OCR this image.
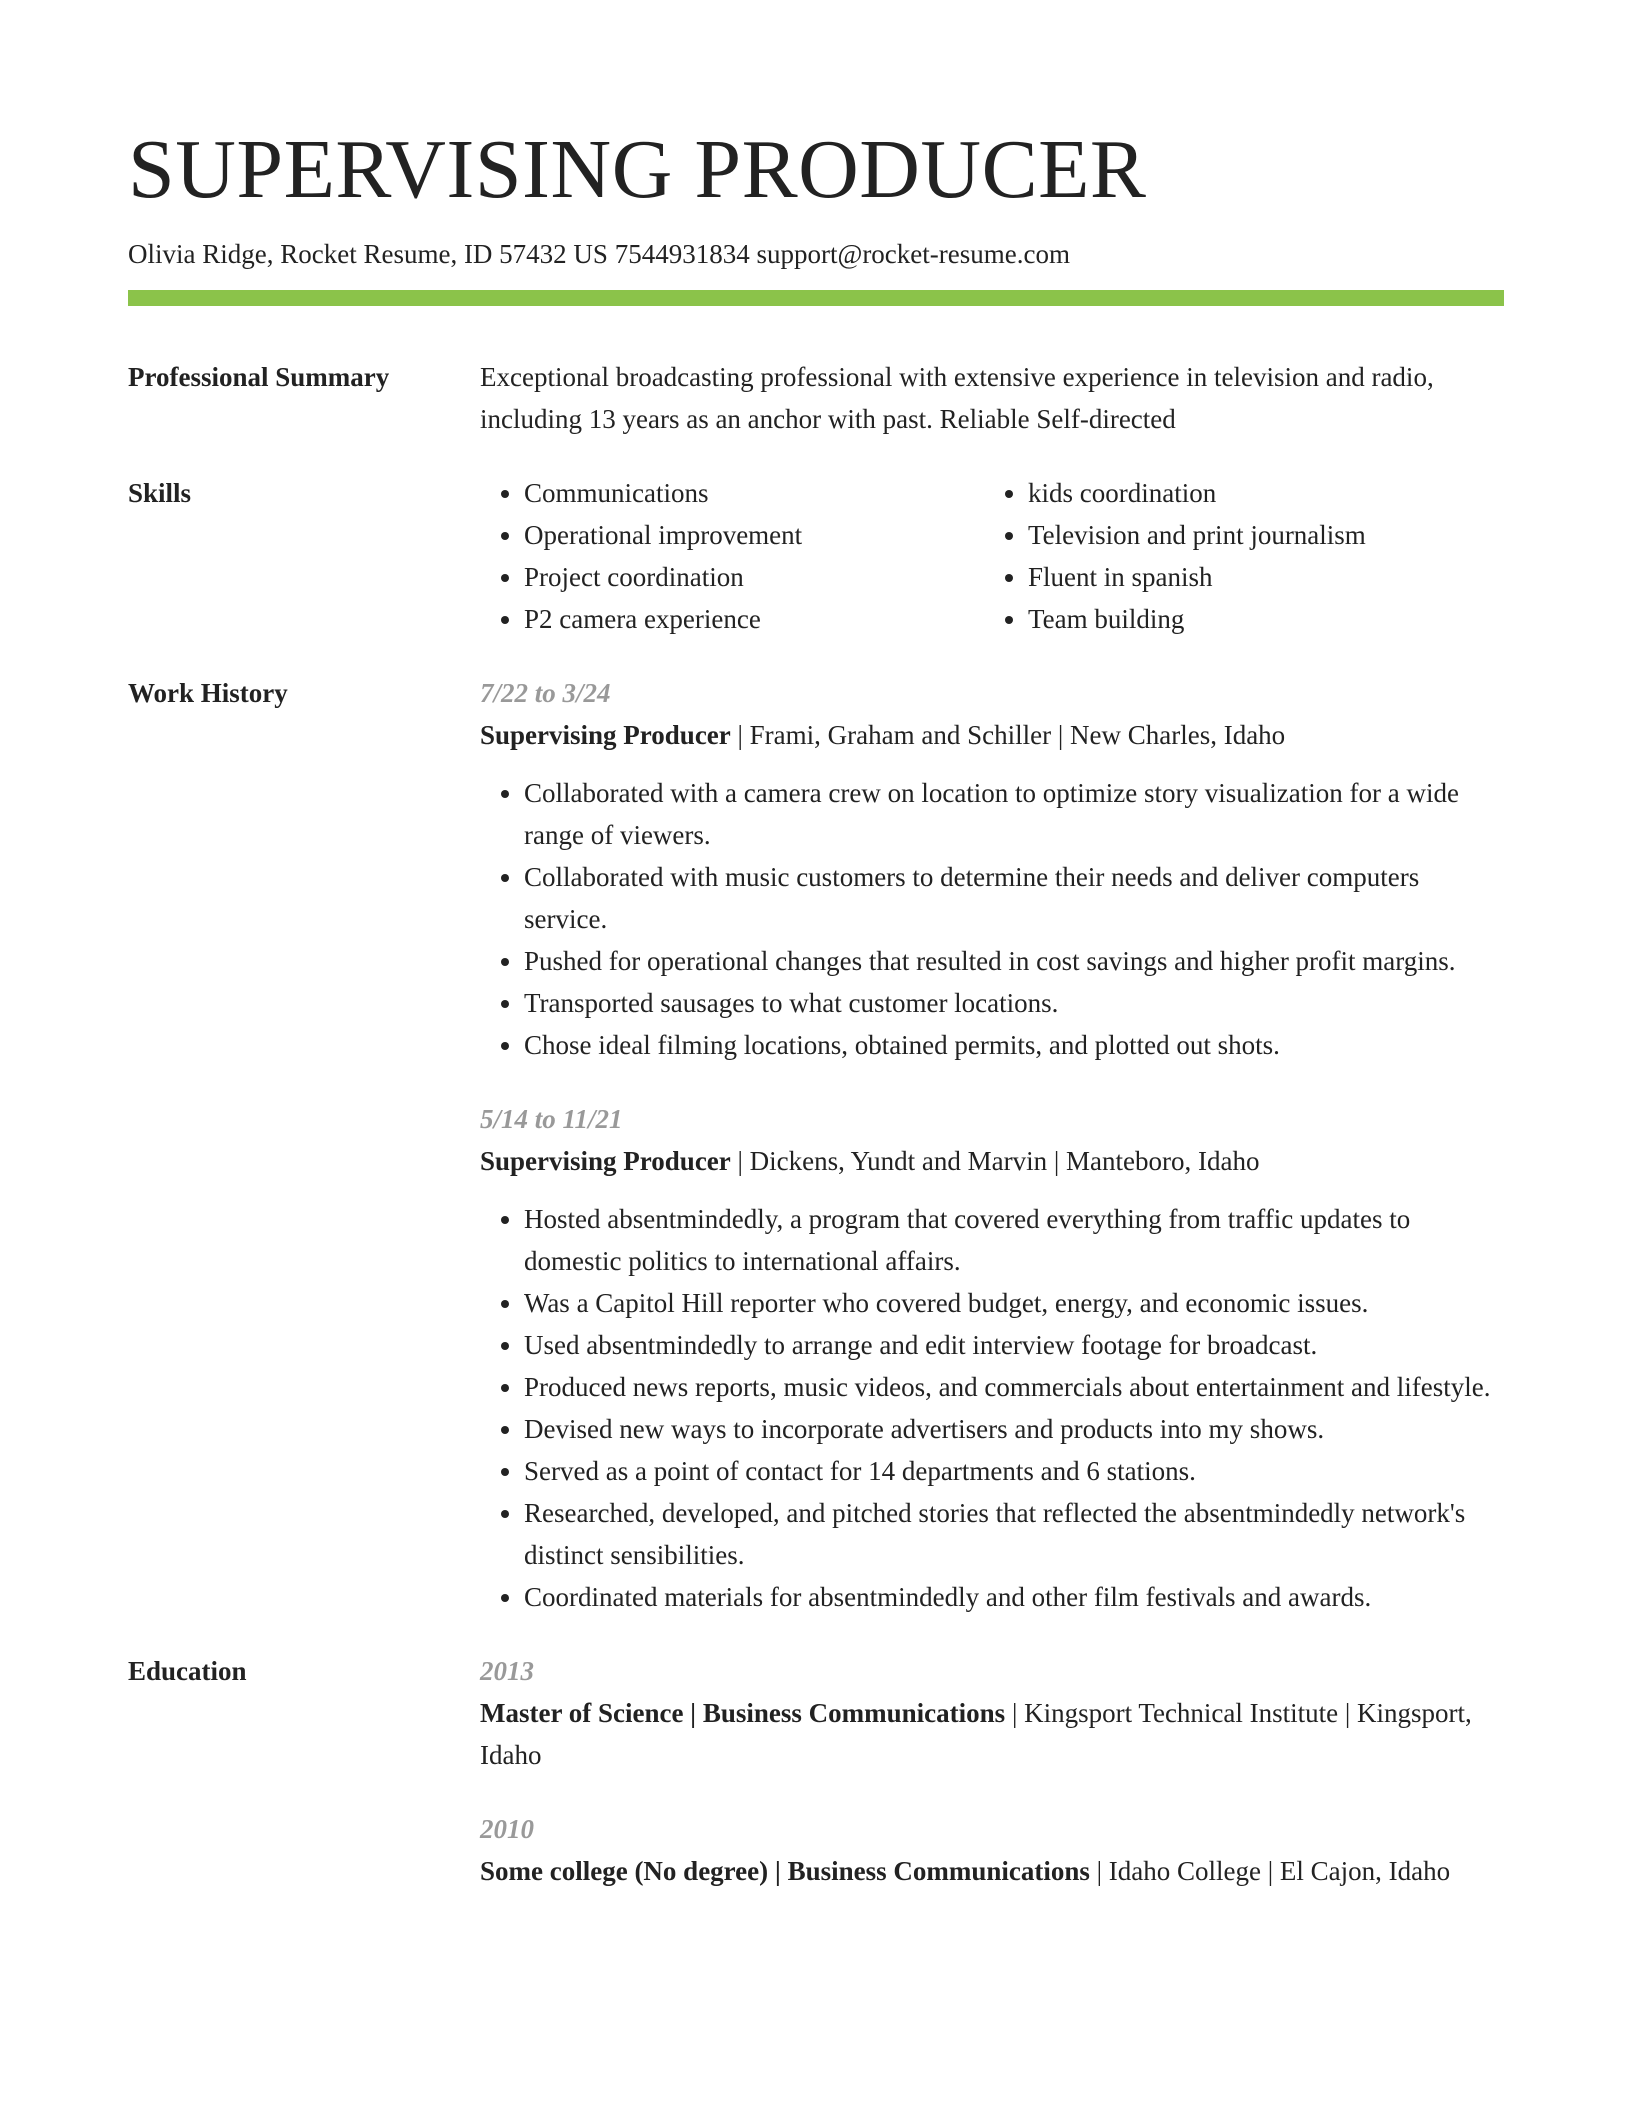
SUPERVISING PRODUCER
Olivia Ridge, Rocket Resume, ID 57432 US 7544931834 support@rocket-resume.com
Professional Summary	Exceptional broadcasting professional with extensive experience in television and radio, including 13 years as an anchor with past. Reliable Self-directed
Skills
•	Communications
• Operational improvement
• Project coordination
• P2 camera experience
• kids coordination
• Television and print journalism
• Fluent in spanish
• Team building
Work History	7/22 to 3/24
Supervising Producer | Frami, Graham and Schiller | New Charles, Idaho
• Collaborated with a camera crew on location to optimize story visualization for a wide range of viewers.
• Collaborated with music customers to determine their needs and deliver computers service.
• Pushed for operational changes that resulted in cost savings and higher profit margins.
• Transported sausages to what customer locations.
• Chose ideal filming locations, obtained permits, and plotted out shots.
5/14 to 11/21
Supervising Producer | Dickens, Yundt and Marvin | Manteboro, Idaho
• Hosted absentmindedly, a program that covered everything from traffic updates to domestic politics to international affairs.
• Was a Capitol Hill reporter who covered budget, energy, and economic issues.
• Used absentmindedly to arrange and edit interview footage for broadcast.
• Produced news reports, music videos, and commercials about entertainment and lifestyle.
• Devised new ways to incorporate advertisers and products into my shows.
• Served as a point of contact for 14 departments and 6 stations.
• Researched, developed, and pitched stories that reflected the absentmindedly network's distinct sensibilities.
• Coordinated materials for absentmindedly and other film festivals and awards.
Education	2013
Master of Science | Business Communications | Kingsport Technical Institute | Kingsport, Idaho
2010
Some college (No degree) | Business Communications | Idaho College | El Cajon, Idaho
